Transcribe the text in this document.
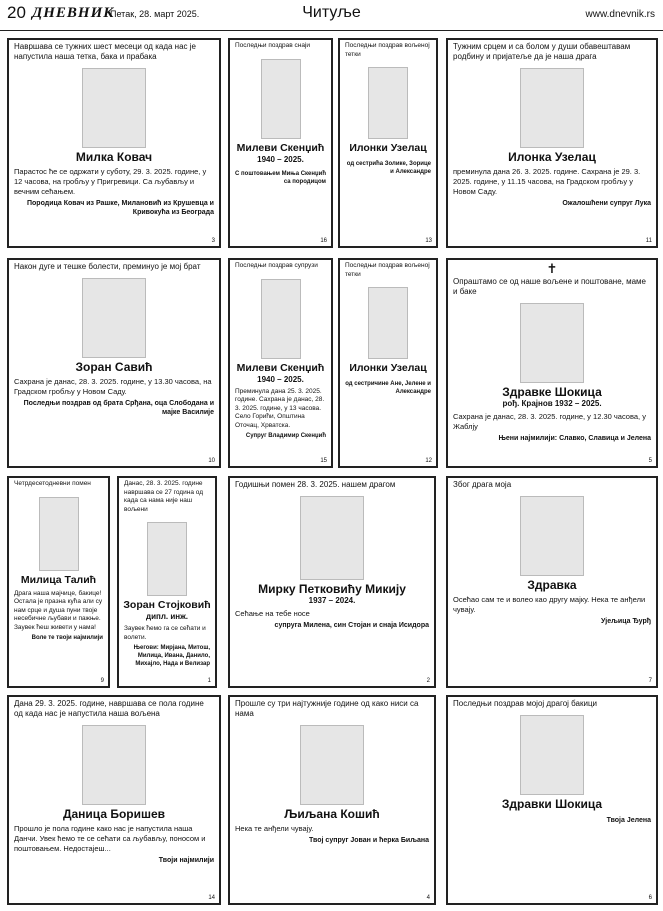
20 ДНЕВНИК
Петак, 28. март 2025.	Читуље	www.dnevnik.rs
Навршава се тужних шест месеци од када нас је напустила наша тетка, бака и прабака
Милка Ковач
Парастос ће се одржати у суботу, 29. 3. 2025. године, у 12 часова, на гробљу у Пригревици. Са љубављу и вечним сећањем.
Породица Ковач из Рашке, Милановић из Крушевца и Кривокућа из Београда
3
Последњи поздрав снаји
Милеви Скенџић
1940 – 2025.
С поштовањем Миња Скенџић са породицом
16
Последњи поздрав вољеној тетки
Илонки Узелац
од сестрића Золике, Зорице и Александре
13
Тужним срцем и са болом у души обавештавам родбину и пријатеље да је наша драга
Илонка Узелац
преминула дана 26. 3. 2025. године. Сахрана је 29. 3. 2025. године, у 11.15 часова, на Градском гробљу у Новом Саду.
Ожалошћени супруг Лука
11
Након дуге и тешке болести, преминуо је мој брат
Зоран Савић
Сахрана је данас, 28. 3. 2025. године, у 13.30 часова, на Градском гробљу у Новом Саду.
Последњи поздрав од брата Срђана, оца Слободана и мајке Василије
10
Последњи поздрав супрузи
Милеви Скенџић
1940 – 2025.
Преминула дана 25. 3. 2025. године. Сахрана је данас, 28. 3. 2025. године, у 13 часова. Село Горићи, Општина Оточац, Хрватска.
Супруг Владимир Скенџић
15
Последњи поздрав вољеној тетки
Илонки Узелац
од сестричине Ане, Јелене и Александре
12
✝
Опраштамо се од наше вољене и поштоване, маме и баке
Здравке Шокица
рођ. Крајнов 1932 – 2025.
Сахрана је данас, 28. 3. 2025. године, у 12.30 часова, у Жаблју
Њени најмилији: Славко, Славица и Јелена
5
Четрдесетодневни помен
Милица Талић
Драга наша мајчице, бакице! Остала је празна кућа али су нам срце и душа пуни твоје несебичне љубави и пажње. Заувек ћеш живети у нама!
Воле те твоји најмилији
9
Данас, 28. 3. 2025. године навршава се 27 година од када са нама није наш вољени
Зоран Стојковић
дипл. инж.
Заувек ћемо га се сећати и волети.
Његови: Мирјана, Митош, Милица, Ивана, Данило, Михајло, Нада и Велизар
1
Годишњи помен 28. 3. 2025. нашем драгом
Мирку Петковићу Микију
1937 – 2024.
Сећање на тебе носе
супруга Милена, син Стојан и снаја Исидора
2
Због драга моја
Здравка
Осећао сам те и волео као другу мајку. Нека те анђели чувају.
Ујељица Ђурђ
7
Дана 29. 3. 2025. године, навршава се пола године од када нас је напустила наша вољена
Даница Боришев
Прошло је пола године како нас је напустила наша Данчи. Увек ћемо те се сећати са љубављу, поносом и поштовањем. Недостајеш...
Твоји најмилији
14
Прошле су три најтужније године од како ниси са нама
Љиљана Кошић
Нека те анђели чувају.
Твој супруг Јован и ћерка Биљана
4
Последњи поздрав мојој драгој бакици
Здравки Шокица
Твоја Јелена
6
